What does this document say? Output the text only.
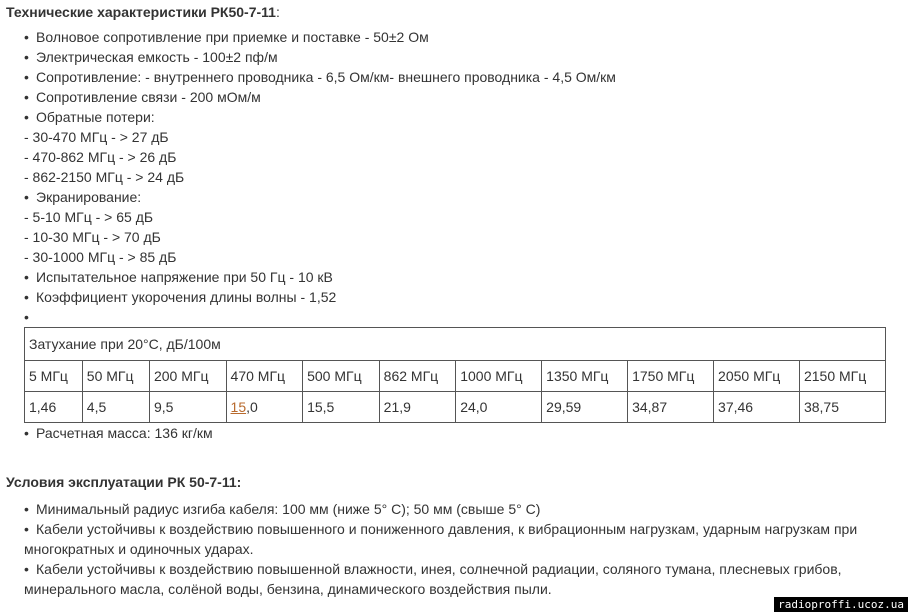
Технические характеристики РК50-7-11:
• Волновое сопротивление при приемке и поставке - 50±2 Ом
• Электрическая емкость - 100±2 пф/м
• Сопротивление: - внутреннего проводника - 6,5 Ом/км- внешнего проводника - 4,5 Ом/км
• Сопротивление связи - 200 мОм/м
• Обратные потери:
- 30-470 МГц - > 27 дБ
- 470-862 МГц - > 26 дБ
- 862-2150 МГц - > 24 дБ
• Экранирование:
- 5-10 МГц - > 65 дБ
- 10-30 МГц - > 70 дБ
- 30-1000 МГц - > 85 дБ
• Испытательное напряжение при 50 Гц - 10 кВ
• Коэффициент укорочения длины волны - 1,52
•
Затухание при 20°С, дБ/100м										
5 МГц	50 МГц	200 МГц	470 МГц	500 МГц	862 МГц	1000 МГц	1350 МГц	1750 МГц	2050 МГц	2150 МГц
1,46	4,5	9,5	15,0	15,5	21,9	24,0	29,59	34,87	37,46	38,75
• Расчетная масса: 136 кг/км
Условия эксплуатации РК 50-7-11:
• Минимальный радиус изгиба кабеля: 100 мм (ниже 5° С); 50 мм (свыше 5° С)
• Кабели устойчивы к воздействию повышенного и пониженного давления, к вибрационным нагрузкам, ударным нагрузкам при
многократных и одиночных ударах.
• Кабели устойчивы к воздействию повышенной влажности, инея, солнечной радиации, соляного тумана, плесневых грибов,
минерального масла, солёной воды, бензина, динамического воздействия пыли.
radioproffi.ucoz.ua
